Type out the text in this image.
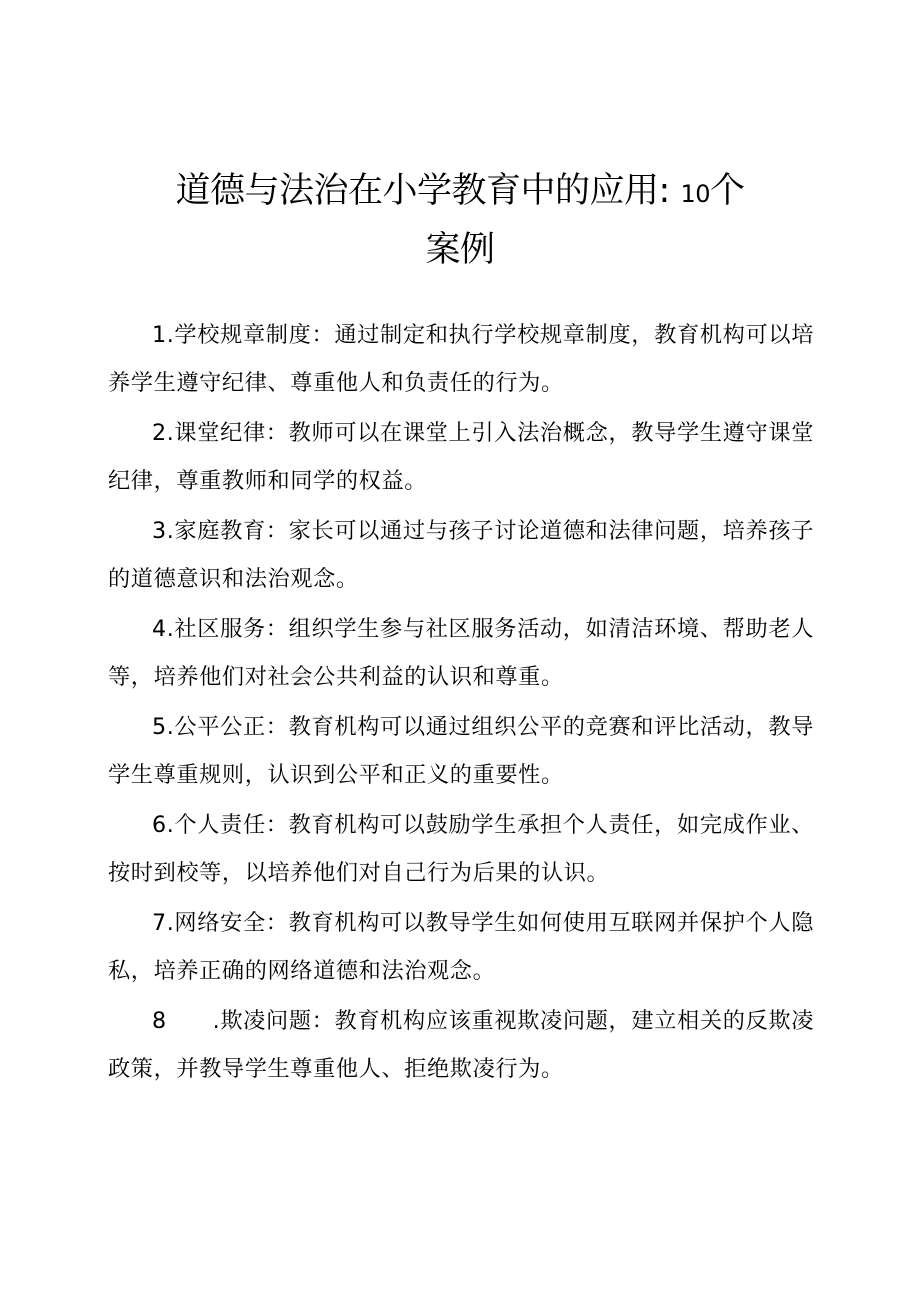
道德与法治在小学教育中的应用: 10个
案例

1.学校规章制度：通过制定和执行学校规章制度，教育机构可以培养学生遵守纪律、尊重他人和负责任的行为。

2.课堂纪律：教师可以在课堂上引入法治概念，教导学生遵守课堂纪律，尊重教师和同学的权益。

3.家庭教育：家长可以通过与孩子讨论道德和法律问题，培养孩子的道德意识和法治观念。

4.社区服务：组织学生参与社区服务活动，如清洁环境、帮助老人等，培养他们对社会公共利益的认识和尊重。

5.公平公正：教育机构可以通过组织公平的竞赛和评比活动，教导学生尊重规则，认识到公平和正义的重要性。

6.个人责任：教育机构可以鼓励学生承担个人责任，如完成作业、按时到校等，以培养他们对自己行为后果的认识。

7.网络安全：教育机构可以教导学生如何使用互联网并保护个人隐私，培养正确的网络道德和法治观念。

8 .欺凌问题：教育机构应该重视欺凌问题，建立相关的反欺凌政策，并教导学生尊重他人、拒绝欺凌行为。
